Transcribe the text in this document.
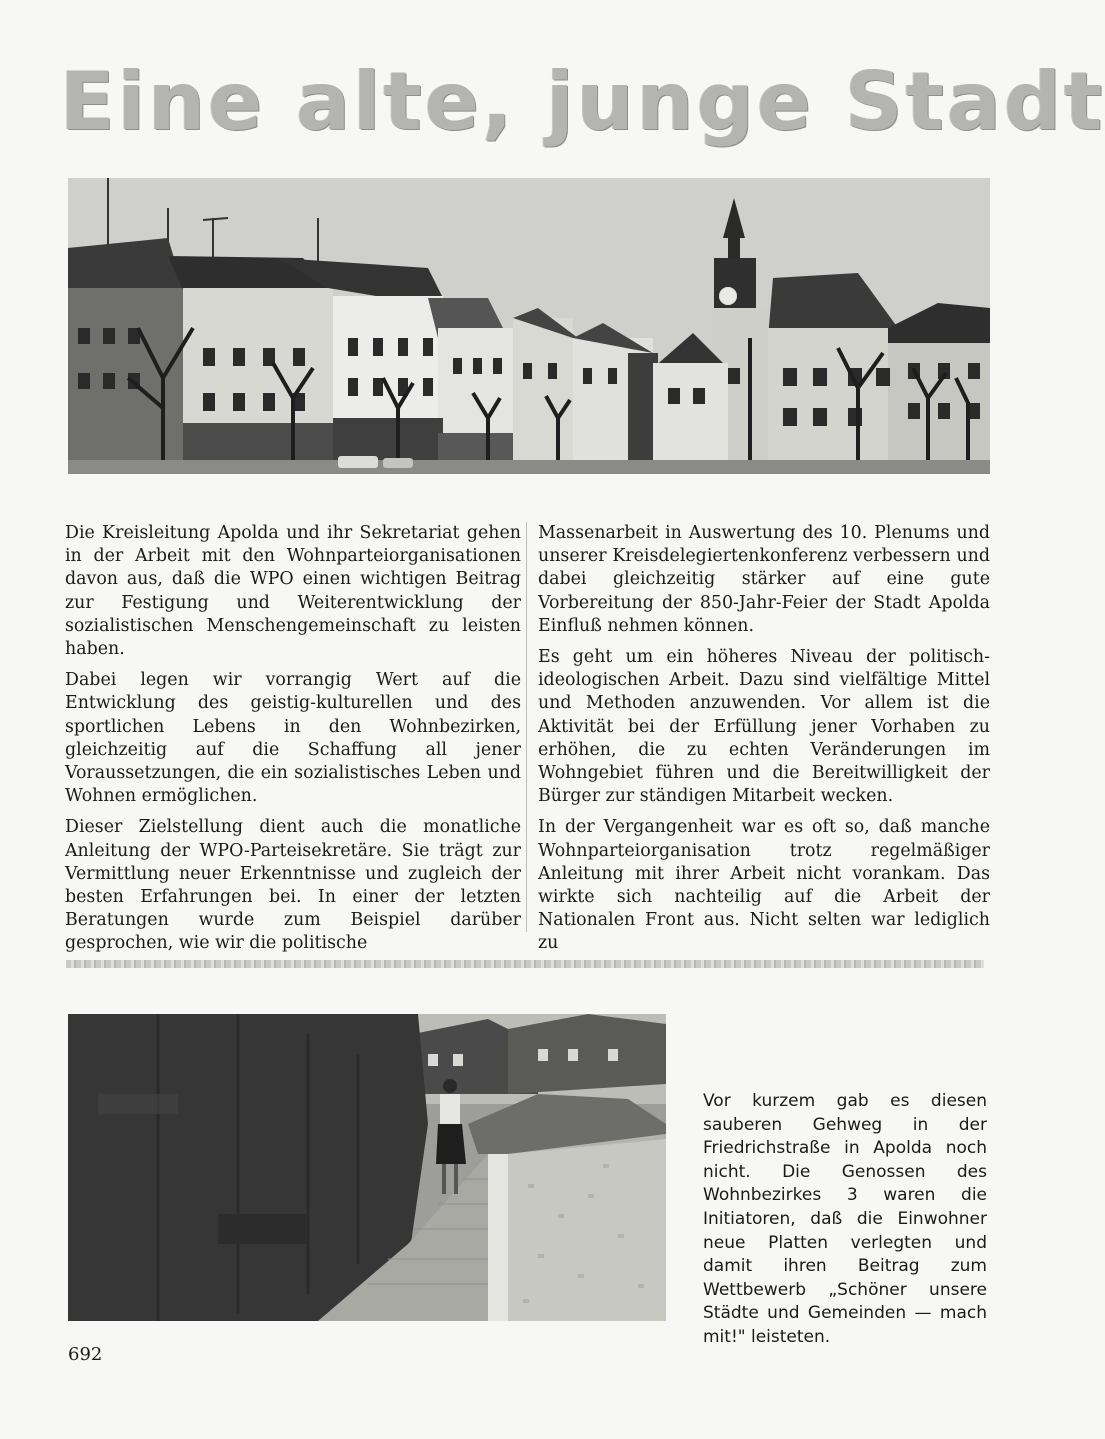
Eine alte, junge Stadt

Die Kreisleitung Apolda und ihr Sekretariat gehen in der Arbeit mit den Wohnparteiorganisationen davon aus, daß die WPO einen wichtigen Beitrag zur Festigung und Weiterentwicklung der sozialistischen Menschengemeinschaft zu leisten haben.

Dabei legen wir vorrangig Wert auf die Entwicklung des geistig-kulturellen und des sportlichen Lebens in den Wohnbezirken, gleichzeitig auf die Schaffung all jener Voraussetzungen, die ein sozialistisches Leben und Wohnen ermöglichen.

Dieser Zielstellung dient auch die monatliche Anleitung der WPO-Parteisekretäre. Sie trägt zur Vermittlung neuer Erkenntnisse und zugleich der besten Erfahrungen bei. In einer der letzten Beratungen wurde zum Beispiel darüber gesprochen, wie wir die politische

Massenarbeit in Auswertung des 10. Plenums und unserer Kreisdelegiertenkonferenz verbessern und dabei gleichzeitig stärker auf eine gute Vorbereitung der 850-Jahr-Feier der Stadt Apolda Einfluß nehmen können.

Es geht um ein höheres Niveau der politisch-ideologischen Arbeit. Dazu sind vielfältige Mittel und Methoden anzuwenden. Vor allem ist die Aktivität bei der Erfüllung jener Vorhaben zu erhöhen, die zu echten Veränderungen im Wohngebiet führen und die Bereitwilligkeit der Bürger zur ständigen Mitarbeit wecken.

In der Vergangenheit war es oft so, daß manche Wohnparteiorganisation trotz regelmäßiger Anleitung mit ihrer Arbeit nicht vorankam. Das wirkte sich nachteilig auf die Arbeit der Nationalen Front aus. Nicht selten war lediglich zu

Vor kurzem gab es diesen sauberen Gehweg in der Friedrichstraße in Apolda noch nicht. Die Genossen des Wohnbezirkes 3 waren die Initiatoren, daß die Einwohner neue Platten verlegten und damit ihren Beitrag zum Wettbewerb „Schöner unsere Städte und Gemeinden — mach mit!" leisteten.
692
